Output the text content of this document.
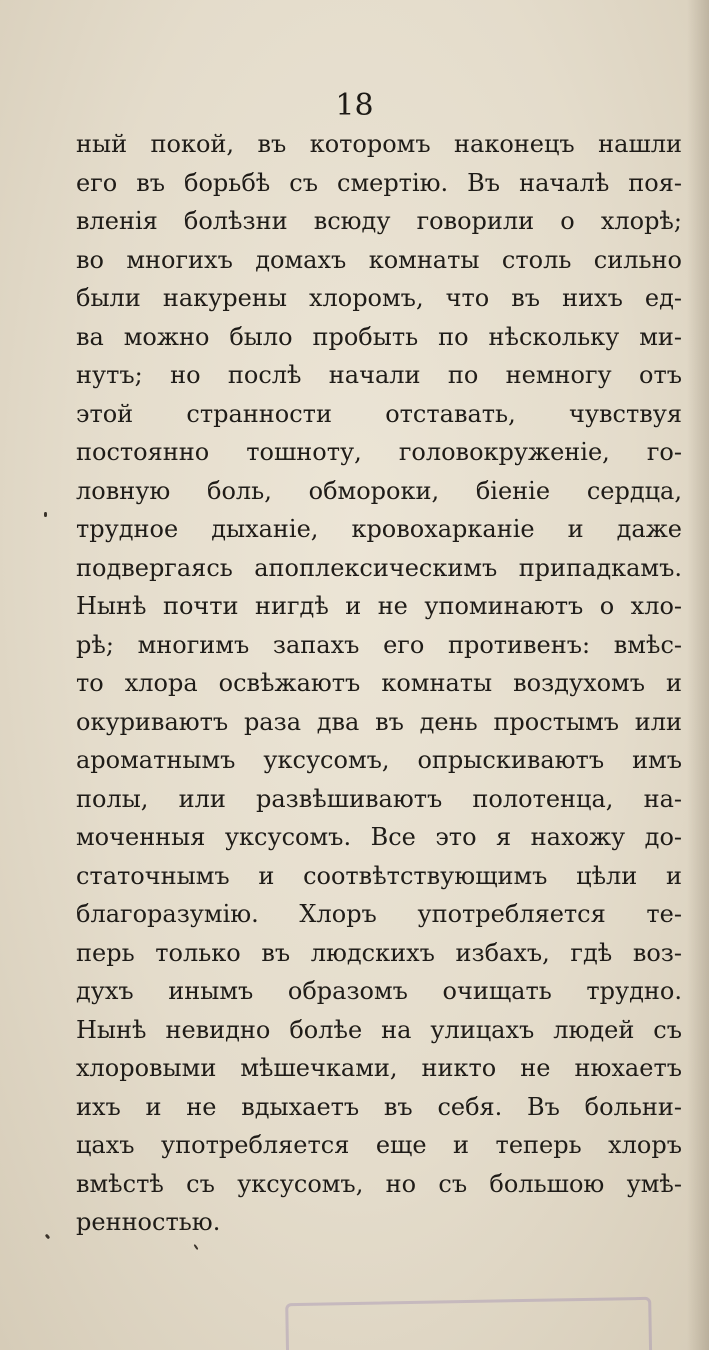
18
ный покой, въ которомъ наконецъ нашли
его въ борьбѣ съ смертію. Въ началѣ поя-
вленія болѣзни всюду говорили о хлорѣ;
во многихъ домахъ комнаты столь сильно
были накурены хлоромъ, что въ нихъ ед-
ва можно было пробыть по нѣскольку ми-
нутъ; но послѣ начали по немногу отъ
этой странности отставать, чувствуя
постоянно тошноту, головокруженіе, го-
ловную боль, обмороки, біеніе сердца,
трудное дыханіе, кровохарканіе и даже
подвергаясь апоплексическимъ припадкамъ.
Нынѣ почти нигдѣ и не упоминаютъ о хло-
рѣ; многимъ запахъ его противенъ: вмѣс-
то хлора освѣжаютъ комнаты воздухомъ и
окуриваютъ раза два въ день простымъ или
ароматнымъ уксусомъ, опрыскиваютъ имъ
полы, или развѣшиваютъ полотенца, на-
моченныя уксусомъ. Все это я нахожу до-
статочнымъ и соотвѣтствующимъ цѣли и
благоразумію. Хлоръ употребляется те-
перь только въ людскихъ избахъ, гдѣ воз-
духъ инымъ образомъ очищать трудно.
Нынѣ невидно болѣе на улицахъ людей съ
хлоровыми мѣшечками, никто не нюхаетъ
ихъ и не вдыхаетъ въ себя. Въ больни-
цахъ употребляется еще и теперь хлоръ
вмѣстѣ съ уксусомъ, но съ большою умѣ-
ренностью.
